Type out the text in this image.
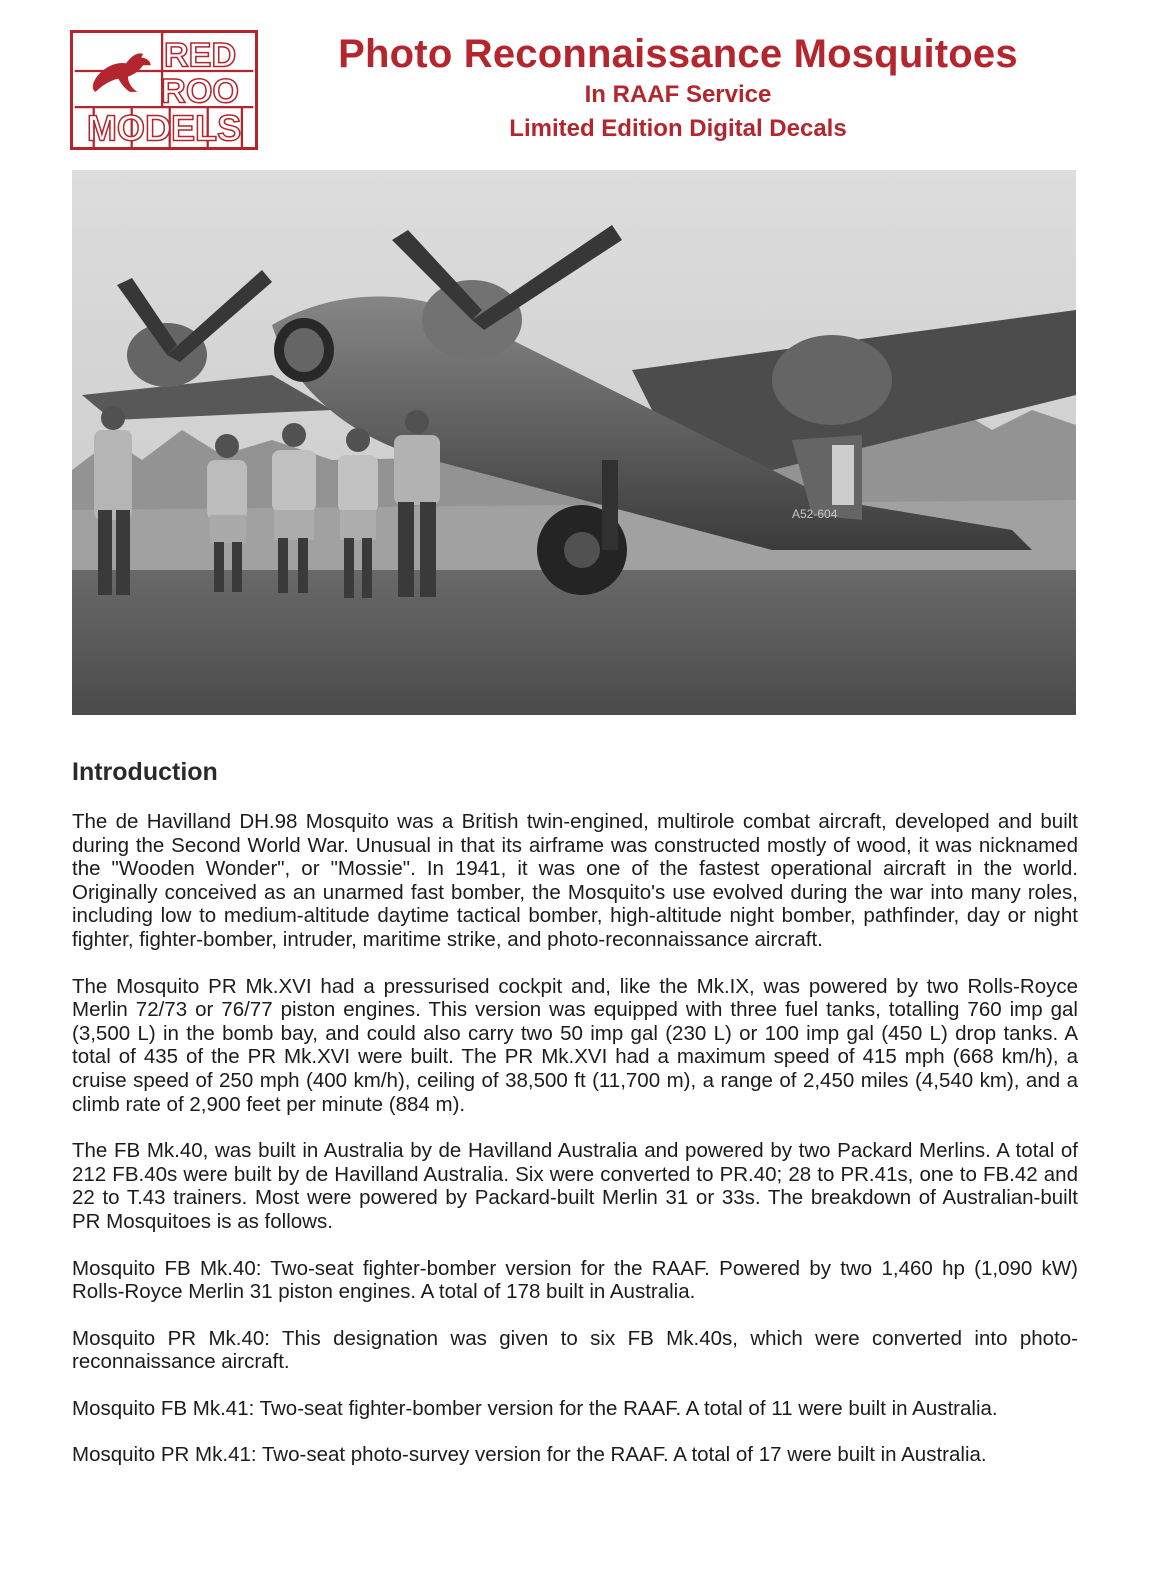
RED
ROO
MODELS
Photo Reconnaissance Mosquitoes
In RAAF Service
Limited Edition Digital Decals
A52-604
Introduction

The de Havilland DH.98 Mosquito was a British twin-engined, multirole combat aircraft, developed and built during the Second World War. Unusual in that its airframe was constructed mostly of wood, it was nicknamed the "Wooden Wonder", or "Mossie". In 1941, it was one of the fastest operational aircraft in the world. Originally conceived as an unarmed fast bomber, the Mosquito's use evolved during the war into many roles, including low to medium-altitude daytime tactical bomber, high-altitude night bomber, pathfinder, day or night fighter, fighter-bomber, intruder, maritime strike, and photo-reconnaissance aircraft.

The Mosquito PR Mk.XVI had a pressurised cockpit and, like the Mk.IX, was powered by two Rolls-Royce Merlin 72/73 or 76/77 piston engines. This version was equipped with three fuel tanks, totalling 760 imp gal (3,500 L) in the bomb bay, and could also carry two 50 imp gal (230 L) or 100 imp gal (450 L) drop tanks. A total of 435 of the PR Mk.XVI were built. The PR Mk.XVI had a maximum speed of 415 mph (668 km/h), a cruise speed of 250 mph (400 km/h), ceiling of 38,500 ft (11,700 m), a range of 2,450 miles (4,540 km), and a climb rate of 2,900 feet per minute (884 m).

The FB Mk.40, was built in Australia by de Havilland Australia and powered by two Packard Merlins. A total of 212 FB.40s were built by de Havilland Australia. Six were converted to PR.40; 28 to PR.41s, one to FB.42 and 22 to T.43 trainers. Most were powered by Packard-built Merlin 31 or 33s. The breakdown of Australian-built PR Mosquitoes is as follows.

Mosquito FB Mk.40: Two-seat fighter-bomber version for the RAAF. Powered by two 1,460 hp (1,090 kW) Rolls-Royce Merlin 31 piston engines. A total of 178 built in Australia.

Mosquito PR Mk.40: This designation was given to six FB Mk.40s, which were converted into photo-reconnaissance aircraft.

Mosquito FB Mk.41: Two-seat fighter-bomber version for the RAAF. A total of 11 were built in Australia.

Mosquito PR Mk.41: Two-seat photo-survey version for the RAAF. A total of 17 were built in Australia.
